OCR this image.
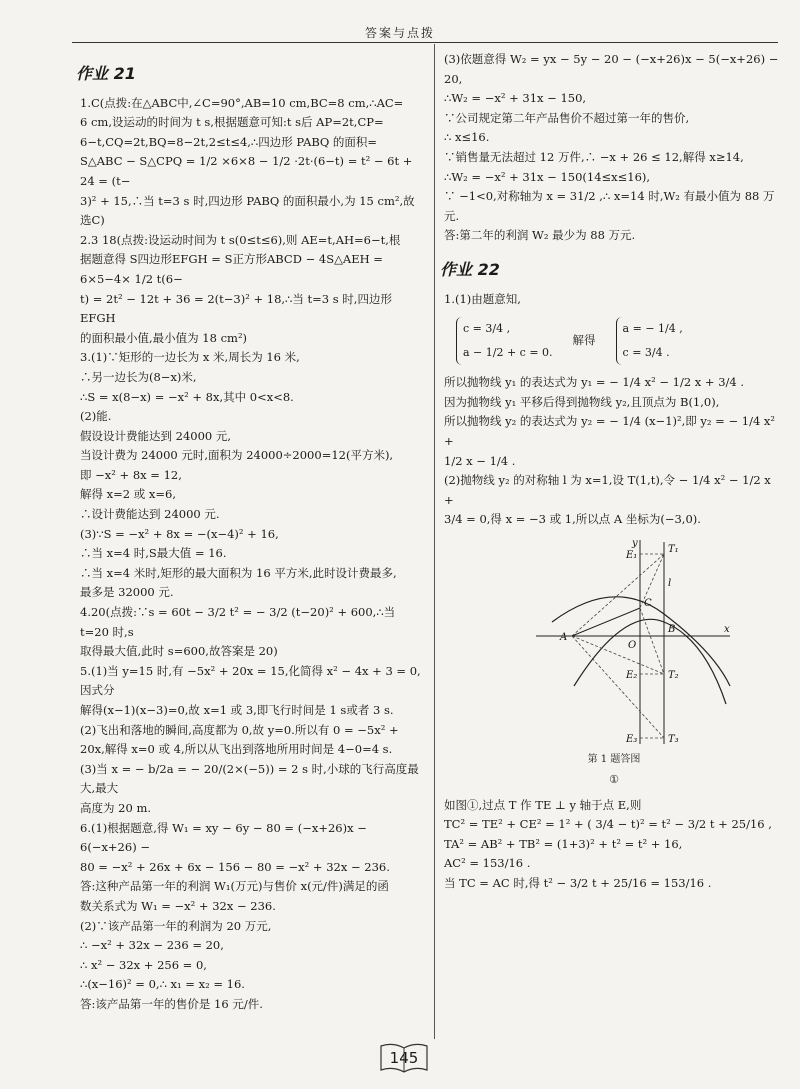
答案与点拨
作业 21

1.C(点拨:在△ABC中,∠C=90°,AB=10 cm,BC=8 cm,∴AC=

6 cm,设运动的时间为 t s,根据题意可知:t s后 AP=2t,CP=

6−t,CQ=2t,BQ=8−2t,2≤t≤4,∴四边形 PABQ 的面积=

S△ABC − S△CPQ = 1/2 ×6×8 − 1/2 ·2t·(6−t) = t² − 6t + 24 = (t−

3)² + 15,∴当 t=3 s 时,四边形 PABQ 的面积最小,为 15 cm²,故

选C)

2.3 18(点拨:设运动时间为 t s(0≤t≤6),则 AE=t,AH=6−t,根

据题意得 S四边形EFGH = S正方形ABCD − 4S△AEH = 6×5−4× 1/2 t(6−

t) = 2t² − 12t + 36 = 2(t−3)² + 18,∴当 t=3 s 时,四边形 EFGH

的面积最小值,最小值为 18 cm²)

3.(1)∵矩形的一边长为 x 米,周长为 16 米,

∴另一边长为(8−x)米,

∴S = x(8−x) = −x² + 8x,其中 0<x<8.

(2)能.

假设设计费能达到 24000 元,

当设计费为 24000 元时,面积为 24000÷2000=12(平方米),

即 −x² + 8x = 12,

解得 x=2 或 x=6,

∴设计费能达到 24000 元.

(3)∵S = −x² + 8x = −(x−4)² + 16,

∴当 x=4 时,S最大值 = 16.

∴当 x=4 米时,矩形的最大面积为 16 平方米,此时设计费最多,

最多是 32000 元.

4.20(点拨:∵s = 60t − 3/2 t² = − 3/2 (t−20)² + 600,∴当 t=20 时,s

取得最大值,此时 s=600,故答案是 20)

5.(1)当 y=15 时,有 −5x² + 20x = 15,化简得 x² − 4x + 3 = 0,因式分

解得(x−1)(x−3)=0,故 x=1 或 3,即飞行时间是 1 s或者 3 s.

(2)飞出和落地的瞬间,高度都为 0,故 y=0.所以有 0 = −5x² +

20x,解得 x=0 或 4,所以从飞出到落地所用时间是 4−0=4 s.

(3)当 x = − b/2a = − 20/(2×(−5)) = 2 s 时,小球的飞行高度最大,最大

高度为 20 m.

6.(1)根据题意,得 W₁ = xy − 6y − 80 = (−x+26)x − 6(−x+26) −

80 = −x² + 26x + 6x − 156 − 80 = −x² + 32x − 236.

答:这种产品第一年的利润 W₁(万元)与售价 x(元/件)满足的函

数关系式为 W₁ = −x² + 32x − 236.

(2)∵该产品第一年的利润为 20 万元,

∴ −x² + 32x − 236 = 20,

∴ x² − 32x + 256 = 0,

∴(x−16)² = 0,∴ x₁ = x₂ = 16.

答:该产品第一年的售价是 16 元/件.

(3)依题意得 W₂ = yx − 5y − 20 − (−x+26)x − 5(−x+26) −

20,

∴W₂ = −x² + 31x − 150,

∵公司规定第二年产品售价不超过第一年的售价,

∴ x≤16.

∵销售量无法超过 12 万件,∴ −x + 26 ≤ 12,解得 x≥14,

∴W₂ = −x² + 31x − 150(14≤x≤16),

∵ −1<0,对称轴为 x = 31/2 ,∴ x=14 时,W₂ 有最小值为 88 万元.

答:第二年的利润 W₂ 最少为 88 万元.

作业 22

1.(1)由题意知,

c = 3/4 ,
a − 1/2 + c = 0.
解得
a = − 1/4 ,
c = 3/4 .

所以抛物线 y₁ 的表达式为 y₁ = − 1/4 x² − 1/2 x + 3/4 .

因为抛物线 y₁ 平移后得到抛物线 y₂,且顶点为 B(1,0),

所以抛物线 y₂ 的表达式为 y₂ = − 1/4 (x−1)²,即 y₂ = − 1/4 x² +

1/2 x − 1/4 .

(2)抛物线 y₂ 的对称轴 l 为 x=1,设 T(1,t),令 − 1/4 x² − 1/2 x +

3/4 = 0,得 x = −3 或 1,所以点 A 坐标为(−3,0).

E₁
T₁
l
C
B
A
O
x
E₂	T₂
E₃	T₃
y
第 1 题答图
①

如图①,过点 T 作 TE ⊥ y 轴于点 E,则

TC² = TE² + CE² = 1² + ( 3/4 − t)² = t² − 3/2 t + 25/16 ,

TA² = AB² + TB² = (1+3)² + t² = t² + 16,

AC² = 153/16 .

当 TC = AC 时,得 t² − 3/2 t + 25/16 = 153/16 .

145
